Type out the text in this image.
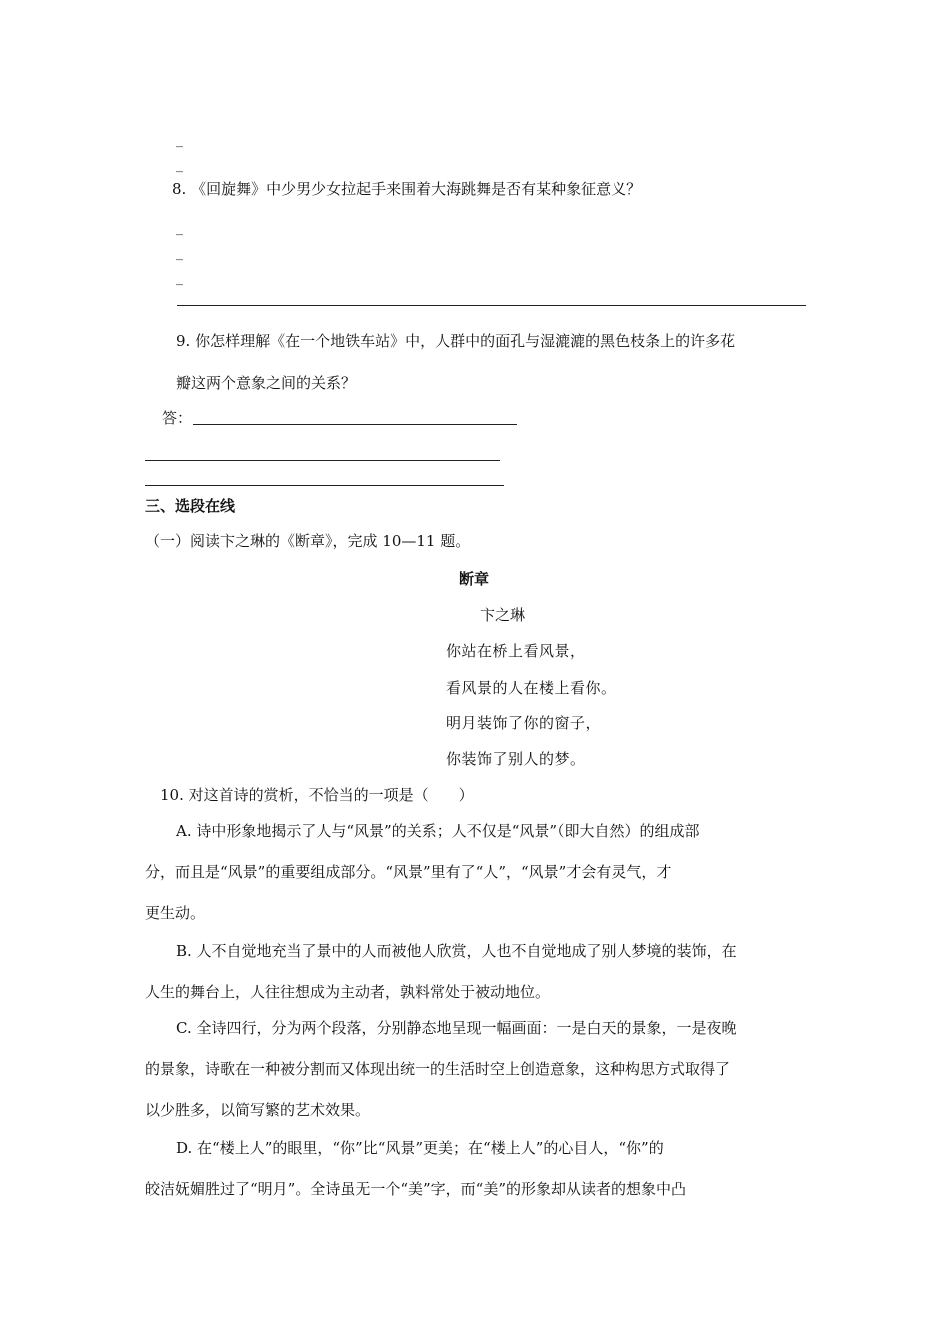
_
_
8. 《回旋舞》中少男少女拉起手来围着大海跳舞是否有某种象征意义？
_
_
_
9. 你怎样理解《在一个地铁车站》中，人群中的面孔与湿漉漉的黑色枝条上的许多花
瓣这两个意象之间的关系？
答：
三、选段在线
（一）阅读卞之琳的《断章》，完成 10—11 题。
断章
卞之琳
你站在桥上看风景，
看风景的人在楼上看你。
明月装饰了你的窗子，
你装饰了别人的梦。
10. 对这首诗的赏析，不恰当的一项是（　　）
A. 诗中形象地揭示了人与“风景”的关系；人不仅是“风景”（即大自然）的组成部
分，而且是“风景”的重要组成部分。“风景”里有了“人”，“风景”才会有灵气，才
更生动。
B. 人不自觉地充当了景中的人而被他人欣赏，人也不自觉地成了别人梦境的装饰，在
人生的舞台上，人往往想成为主动者，孰料常处于被动地位。
C. 全诗四行，分为两个段落，分别静态地呈现一幅画面：一是白天的景象，一是夜晚
的景象，诗歌在一种被分割而又体现出统一的生活时空上创造意象，这种构思方式取得了
以少胜多，以简写繁的艺术效果。
D. 在“楼上人”的眼里，“你”比“风景”更美；在“楼上人”的心目人，“你”的
皎洁妩媚胜过了“明月”。全诗虽无一个“美”字，而“美”的形象却从读者的想象中凸
